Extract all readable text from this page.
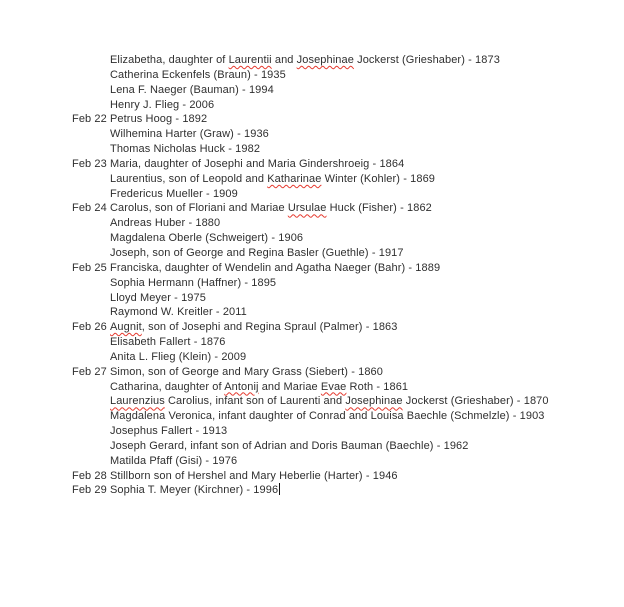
Elizabetha, daughter of Laurentii and Josephinae Jockerst (Grieshaber) - 1873
Catherina Eckenfels (Braun) - 1935
Lena F. Naeger (Bauman) - 1994
Henry J. Flieg - 2006
Feb 22 Petrus Hoog - 1892
Wilhemina Harter (Graw) - 1936
Thomas Nicholas Huck - 1982
Feb 23 Maria, daughter of Josephi and Maria Gindershroeig - 1864
Laurentius, son of Leopold and Katharinae Winter (Kohler) - 1869
Fredericus Mueller - 1909
Feb 24 Carolus, son of Floriani and Mariae Ursulae Huck (Fisher) - 1862
Andreas Huber - 1880
Magdalena Oberle (Schweigert) - 1906
Joseph, son of George and Regina Basler (Guethle) - 1917
Feb 25 Franciska, daughter of Wendelin and Agatha Naeger (Bahr) - 1889
Sophia Hermann (Haffner) - 1895
Lloyd Meyer - 1975
Raymond W. Kreitler - 2011
Feb 26 Augnit, son of Josephi and Regina Spraul (Palmer) - 1863
Elisabeth Fallert - 1876
Anita L. Flieg (Klein) - 2009
Feb 27 Simon, son of George and Mary Grass (Siebert) - 1860
Catharina, daughter of Antonij and Mariae Evae Roth - 1861
Laurenzius Carolius, infant son of Laurenti and Josephinae Jockerst (Grieshaber) - 1870
Magdalena Veronica, infant daughter of Conrad and Louisa Baechle (Schmelzle) - 1903
Josephus Fallert - 1913
Joseph Gerard, infant son of Adrian and Doris Bauman (Baechle) - 1962
Matilda Pfaff (Gisi) - 1976
Feb 28 Stillborn son of Hershel and Mary Heberlie (Harter) - 1946
Feb 29 Sophia T. Meyer (Kirchner) - 1996
